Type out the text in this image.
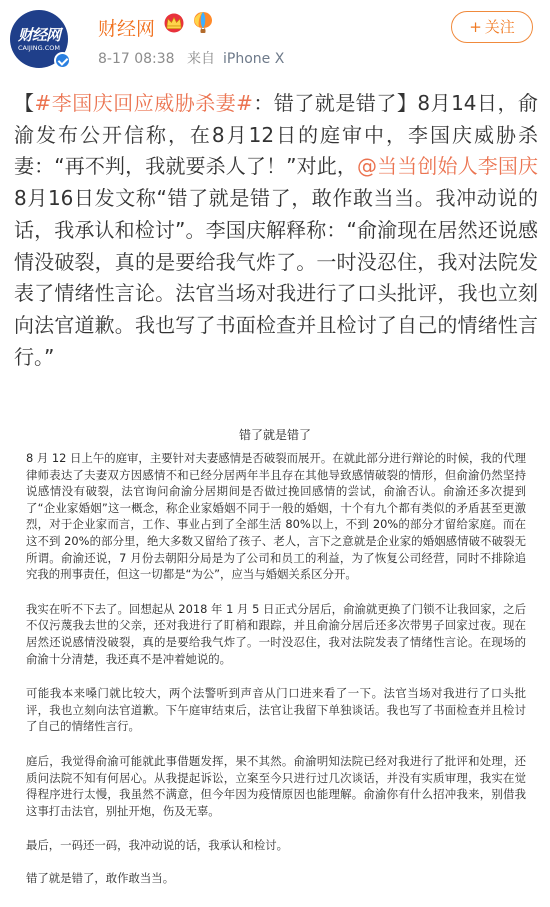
财经网
CAIJING.COM
财经网
8-17 08:38 来自 iPhone X
+ 关注
【#李国庆回应威胁杀妻#：错了就是错了】8月14日，俞渝发布公开信称，在8月12日的庭审中，李国庆威胁杀妻：“再不判，我就要杀人了！”对此，@当当创始人李国庆 8月16日发文称“错了就是错了，敢作敢当当。我冲动说的话，我承认和检讨”。李国庆解释称：“俞渝现在居然还说感情没破裂，真的是要给我气炸了。一时没忍住，我对法院发表了情绪性言论。法官当场对我进行了口头批评，我也立刻向法官道歉。我也写了书面检查并且检讨了自己的情绪性言行。”
错了就是错了

8 月 12 日上午的庭审，主要针对夫妻感情是否破裂而展开。在就此部分进行辩论的时候，我的代理律师表达了夫妻双方因感情不和已经分居两年半且存在其他导致感情破裂的情形，但俞渝仍然坚持说感情没有破裂，法官询问俞渝分居期间是否做过挽回感情的尝试，俞渝否认。俞渝还多次提到了“企业家婚姻”这一概念，称企业家婚姻不同于一般的婚姻，十个有九个都有类似的矛盾甚至更激烈，对于企业家而言，工作、事业占到了全部生活 80%以上，不到 20%的部分才留给家庭。而在这不到 20%的部分里，绝大多数又留给了孩子、老人，言下之意就是企业家的婚姻感情破不破裂无所谓。俞渝还说，7 月份去朝阳分局是为了公司和员工的利益，为了恢复公司经营，同时不排除追究我的刑事责任，但这一切都是“为公”，应当与婚姻关系区分开。

我实在听不下去了。回想起从 2018 年 1 月 5 日正式分居后，俞渝就更换了门锁不让我回家，之后不仅污蔑我去世的父亲，还对我进行了盯梢和跟踪，并且俞渝分居后还多次带男子回家过夜。现在居然还说感情没破裂，真的是要给我气炸了。一时没忍住，我对法院发表了情绪性言论。在现场的俞渝十分清楚，我还真不是冲着她说的。

可能我本来嗓门就比较大，两个法警听到声音从门口进来看了一下。法官当场对我进行了口头批评，我也立刻向法官道歉。下午庭审结束后，法官让我留下单独谈话。我也写了书面检查并且检讨了自己的情绪性言行。

庭后，我觉得俞渝可能就此事借题发挥，果不其然。俞渝明知法院已经对我进行了批评和处理，还质问法院不知有何居心。从我提起诉讼，立案至今只进行过几次谈话，并没有实质审理，我实在觉得程序进行太慢，我虽然不满意，但今年因为疫情原因也能理解。俞渝你有什么招冲我来，别借我这事打击法官，别扯开炮，伤及无辜。

最后，一码还一码，我冲动说的话，我承认和检讨。

错了就是错了，敢作敢当当。
